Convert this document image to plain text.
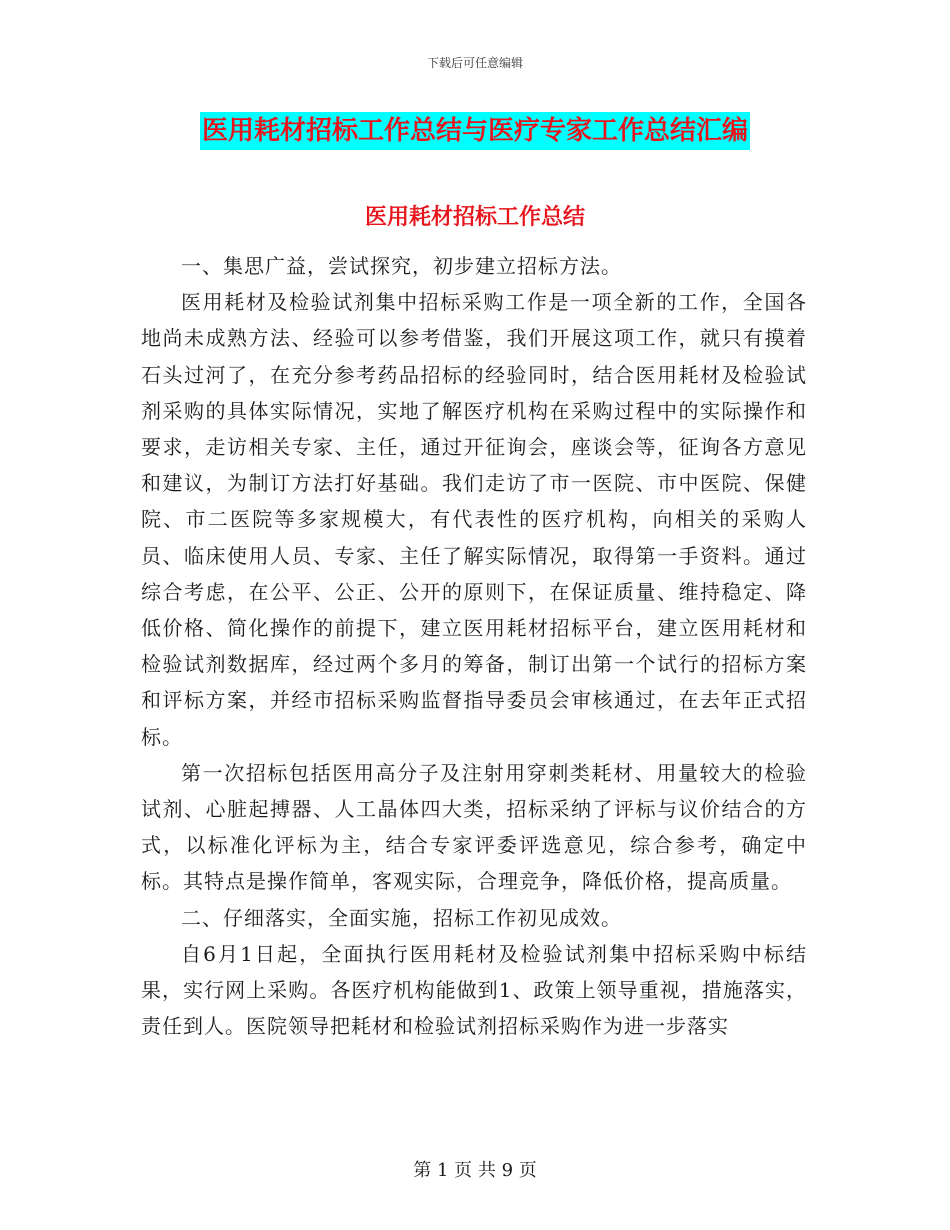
下载后可任意编辑
医用耗材招标工作总结与医疗专家工作总结汇编
医用耗材招标工作总结

一、集思广益，尝试探究，初步建立招标方法。

医用耗材及检验试剂集中招标采购工作是一项全新的工作，全国各地尚未成熟方法、经验可以参考借鉴，我们开展这项工作，就只有摸着石头过河了，在充分参考药品招标的经验同时，结合医用耗材及检验试剂采购的具体实际情况，实地了解医疗机构在采购过程中的实际操作和要求，走访相关专家、主任，通过开征询会，座谈会等，征询各方意见和建议，为制订方法打好基础。我们走访了市一医院、市中医院、保健院、市二医院等多家规模大，有代表性的医疗机构，向相关的采购人员、临床使用人员、专家、主任了解实际情况，取得第一手资料。通过综合考虑，在公平、公正、公开的原则下，在保证质量、维持稳定、降低价格、简化操作的前提下，建立医用耗材招标平台，建立医用耗材和检验试剂数据库，经过两个多月的筹备，制订出第一个试行的招标方案和评标方案，并经市招标采购监督指导委员会审核通过，在去年正式招标。

第一次招标包括医用高分子及注射用穿刺类耗材、用量较大的检验试剂、心脏起搏器、人工晶体四大类，招标采纳了评标与议价结合的方式，以标准化评标为主，结合专家评委评选意见，综合参考，确定中标。其特点是操作简单，客观实际，合理竞争，降低价格，提高质量。

二、仔细落实，全面实施，招标工作初见成效。

自6月1日起，全面执行医用耗材及检验试剂集中招标采购中标结果，实行网上采购。各医疗机构能做到1、政策上领导重视，措施落实，责任到人。医院领导把耗材和检验试剂招标采购作为进一步落实

第 1 页 共 9 页
